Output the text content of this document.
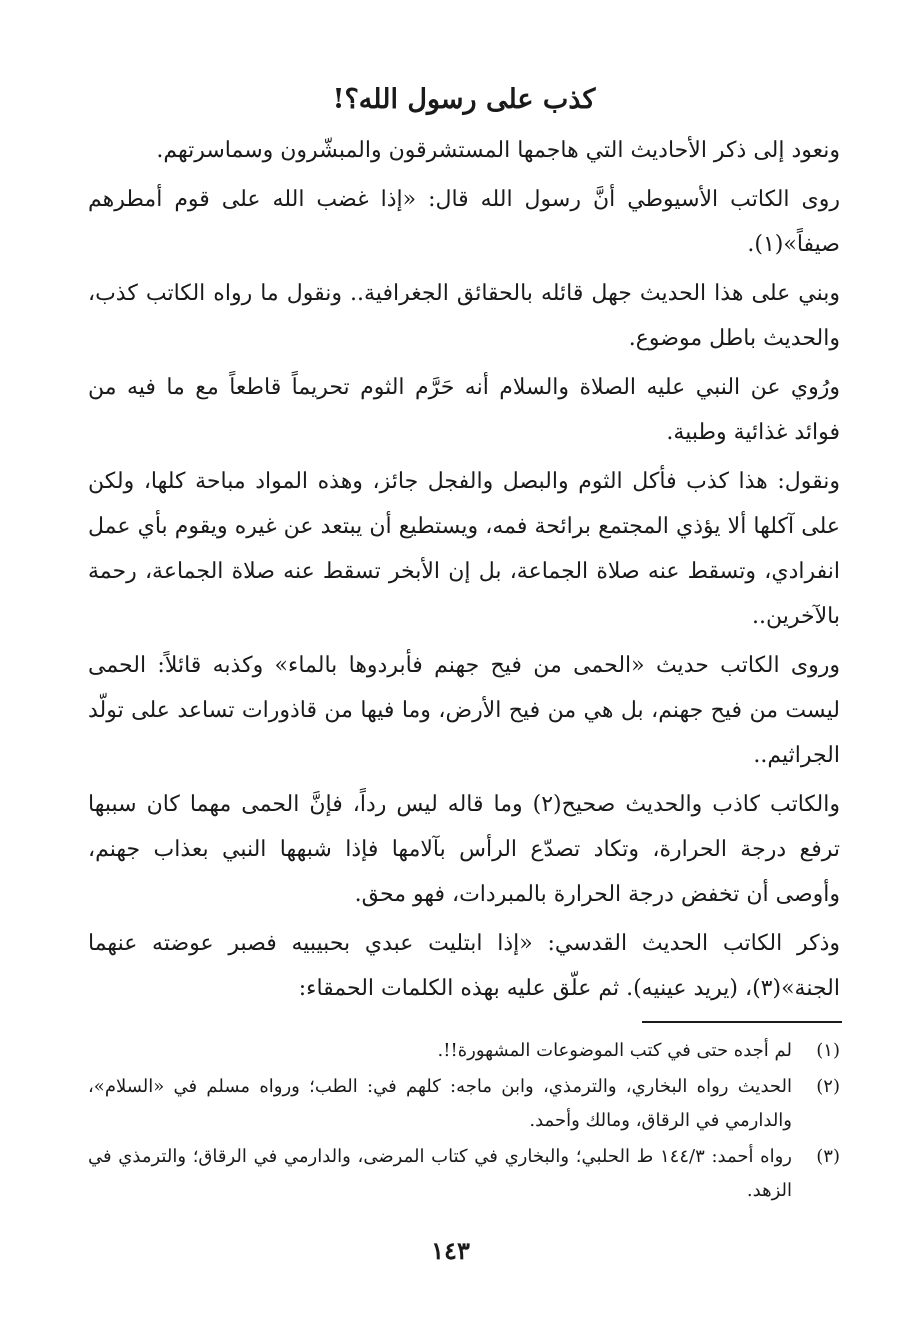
كذب على رسول الله؟!

ونعود إلى ذكر الأحاديث التي هاجمها المستشرقون والمبشّرون وسماسرتهم.

روى الكاتب الأسيوطي أنَّ رسول الله قال: «إذا غضب الله على قوم أمطرهم صيفاً»(١).

وبني على هذا الحديث جهل قائله بالحقائق الجغرافية.. ونقول ما رواه الكاتب كذب، والحديث باطل موضوع.

ورُوي عن النبي عليه الصلاة والسلام أنه حَرَّم الثوم تحريماً قاطعاً مع ما فيه من فوائد غذائية وطبية.

ونقول: هذا كذب فأكل الثوم والبصل والفجل جائز، وهذه المواد مباحة كلها، ولكن على آكلها ألا يؤذي المجتمع برائحة فمه، ويستطيع أن يبتعد عن غيره ويقوم بأي عمل انفرادي، وتسقط عنه صلاة الجماعة، بل إن الأبخر تسقط عنه صلاة الجماعة، رحمة بالآخرين..

وروى الكاتب حديث «الحمى من فيح جهنم فأبردوها بالماء» وكذبه قائلاً: الحمى ليست من فيح جهنم، بل هي من فيح الأرض، وما فيها من قاذورات تساعد على تولّد الجراثيم..

والكاتب كاذب والحديث صحيح(٢) وما قاله ليس رداً، فإنَّ الحمى مهما كان سببها ترفع درجة الحرارة، وتكاد تصدّع الرأس بآلامها فإذا شبهها النبي بعذاب جهنم، وأوصى أن تخفض درجة الحرارة بالمبردات، فهو محق.

وذكر الكاتب الحديث القدسي: «إذا ابتليت عبدي بحبيبيه فصبر عوضته عنهما الجنة»(٣)، (يريد عينيه). ثم علّق عليه بهذه الكلمات الحمقاء:

(١)
لم أجده حتى في كتب الموضوعات المشهورة!!.
(٢)
الحديث رواه البخاري، والترمذي، وابن ماجه: كلهم في: الطب؛ ورواه مسلم في «السلام»، والدارمي في الرقاق، ومالك وأحمد.
(٣)
رواه أحمد: ١٤٤/٣ ط الحلبي؛ والبخاري في كتاب المرضى، والدارمي في الرقاق؛ والترمذي في الزهد.
١٤٣
